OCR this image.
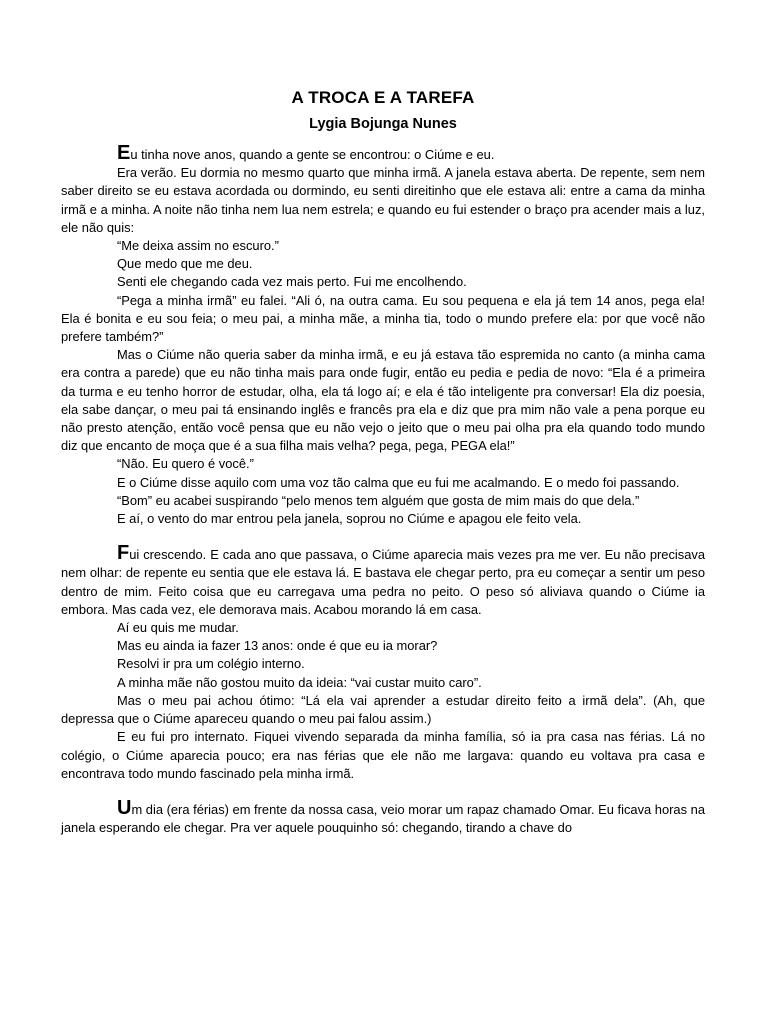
A TROCA E A TAREFA
Lygia Bojunga Nunes

Eu tinha nove anos, quando a gente se encontrou: o Ciúme e eu.

Era verão. Eu dormia no mesmo quarto que minha irmã. A janela estava aberta. De repente, sem nem saber direito se eu estava acordada ou dormindo, eu senti direitinho que ele estava ali: entre a cama da minha irmã e a minha. A noite não tinha nem lua nem estrela; e quando eu fui estender o braço pra acender mais a luz, ele não quis:

“Me deixa assim no escuro.”

Que medo que me deu.

Senti ele chegando cada vez mais perto. Fui me encolhendo.

“Pega a minha irmã” eu falei. “Ali ó, na outra cama. Eu sou pequena e ela já tem 14 anos, pega ela! Ela é bonita e eu sou feia; o meu pai, a minha mãe, a minha tia, todo o mundo prefere ela: por que você não prefere também?”

Mas o Ciúme não queria saber da minha irmã, e eu já estava tão espremida no canto (a minha cama era contra a parede) que eu não tinha mais para onde fugir, então eu pedia e pedia de novo: “Ela é a primeira da turma e eu tenho horror de estudar, olha, ela tá logo aí; e ela é tão inteligente pra conversar! Ela diz poesia, ela sabe dançar, o meu pai tá ensinando inglês e francês pra ela e diz que pra mim não vale a pena porque eu não presto atenção, então você pensa que eu não vejo o jeito que o meu pai olha pra ela quando todo mundo diz que encanto de moça que é a sua filha mais velha? pega, pega, PEGA ela!”

“Não. Eu quero é você.”

E o Ciúme disse aquilo com uma voz tão calma que eu fui me acalmando. E o medo foi passando.

“Bom” eu acabei suspirando “pelo menos tem alguém que gosta de mim mais do que dela.”

E aí, o vento do mar entrou pela janela, soprou no Ciúme e apagou ele feito vela.

Fui crescendo. E cada ano que passava, o Ciúme aparecia mais vezes pra me ver. Eu não precisava nem olhar: de repente eu sentia que ele estava lá. E bastava ele chegar perto, pra eu começar a sentir um peso dentro de mim. Feito coisa que eu carregava uma pedra no peito. O peso só aliviava quando o Ciúme ia embora. Mas cada vez, ele demorava mais. Acabou morando lá em casa.

Aí eu quis me mudar.

Mas eu ainda ia fazer 13 anos: onde é que eu ia morar?

Resolvi ir pra um colégio interno.

A minha mãe não gostou muito da ideia: “vai custar muito caro”.

Mas o meu pai achou ótimo: “Lá ela vai aprender a estudar direito feito a irmã dela”. (Ah, que depressa que o Ciúme apareceu quando o meu pai falou assim.)

E eu fui pro internato. Fiquei vivendo separada da minha família, só ia pra casa nas férias. Lá no colégio, o Ciúme aparecia pouco; era nas férias que ele não me largava: quando eu voltava pra casa e encontrava todo mundo fascinado pela minha irmã.

Um dia (era férias) em frente da nossa casa, veio morar um rapaz chamado Omar. Eu ficava horas na janela esperando ele chegar. Pra ver aquele pouquinho só: chegando, tirando a chave do
